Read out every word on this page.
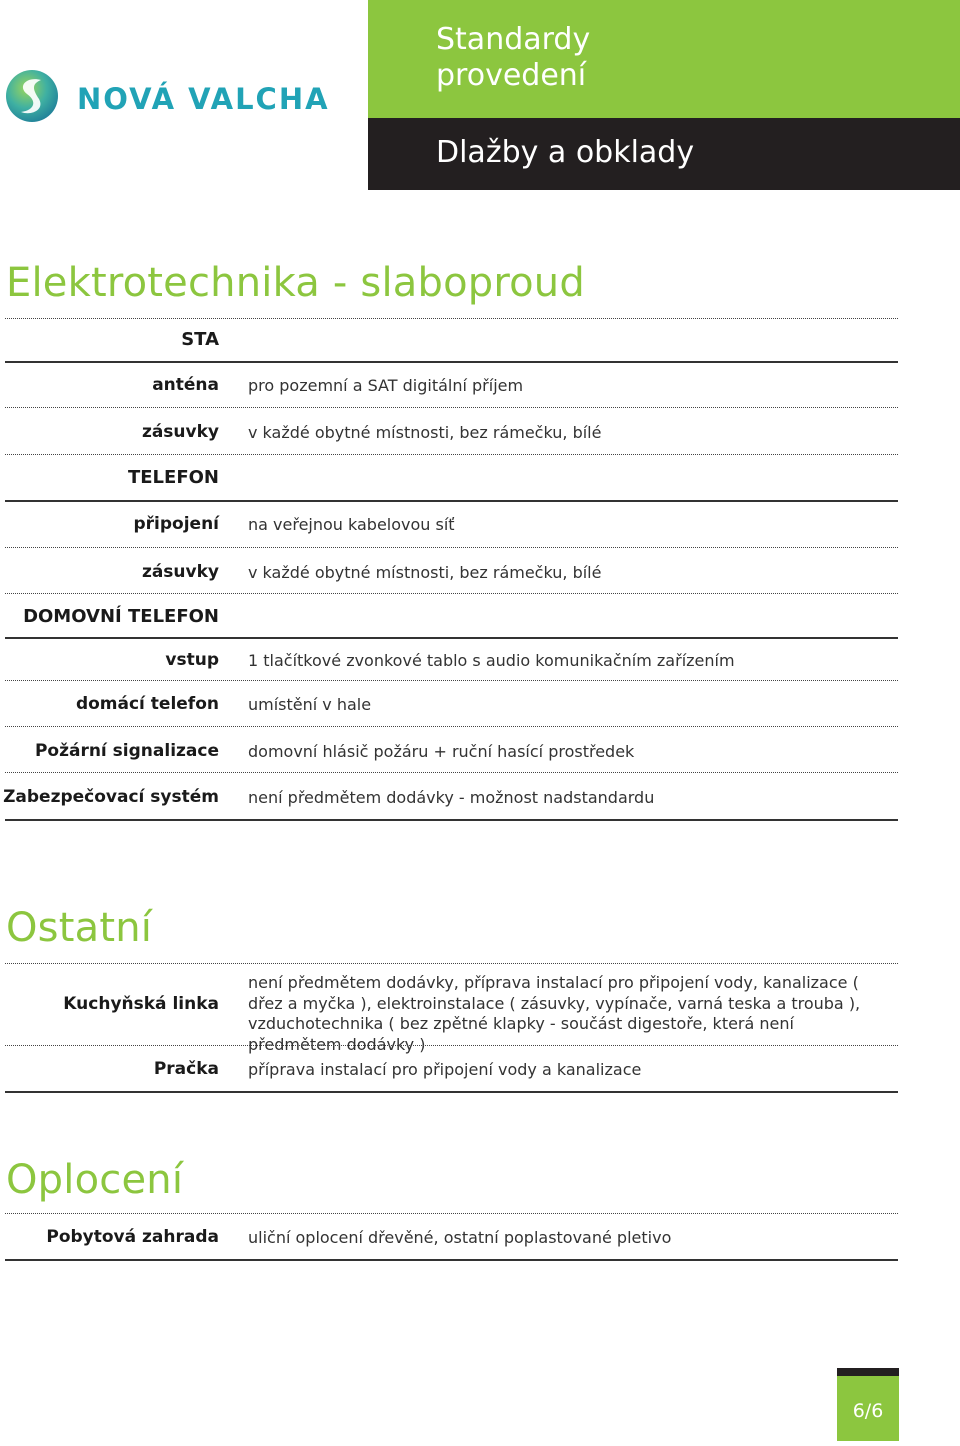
NOVÁ VALCHA
Standardy provedení
Dlažby a obklady
Elektrotechnika - slaboproud
STA
anténa pro pozemní a SAT digitální příjem
zásuvky v každé obytné místnosti, bez rámečku, bílé
TELEFON
připojení na veřejnou kabelovou síť
zásuvky v každé obytné místnosti, bez rámečku, bílé
DOMOVNÍ TELEFON
vstup 1 tlačítkové zvonkové tablo s audio komunikačním zařízením
domácí telefon umístění v hale
Požární signalizace domovní hlásič požáru + ruční hasící prostředek
Zabezpečovací systém není předmětem dodávky - možnost nadstandardu
Ostatní
Kuchyňská linka
není předmětem dodávky, příprava instalací pro připojení vody, kanalizace ( dřez a myčka ), elektroinstalace ( zásuvky, vypínače, varná teska a trouba ), vzduchotechnika ( bez zpětné klapky - součást digestoře, která není předmětem dodávky )
Pračka příprava instalací pro připojení vody a kanalizace
Oplocení
Pobytová zahrada uliční oplocení dřevěné, ostatní poplastované pletivo
6/6
